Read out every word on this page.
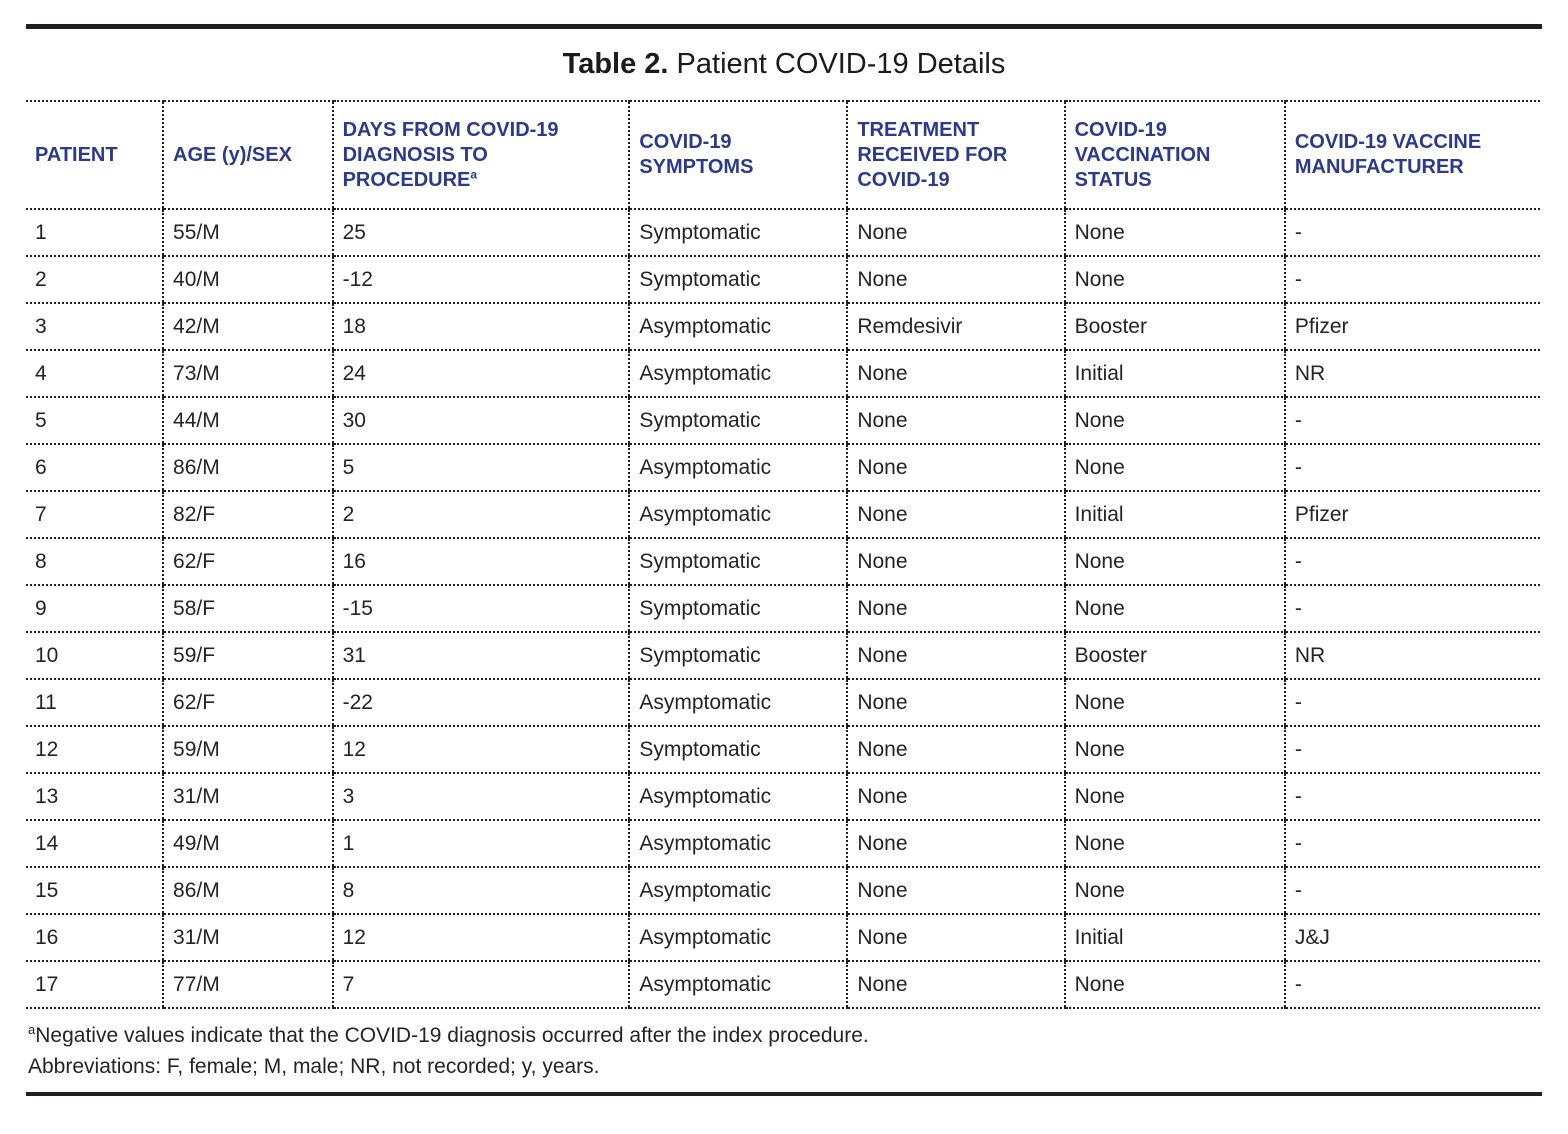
Table 2. Patient COVID-19 Details
PATIENT	AGE (y)/SEX	DAYS FROM COVID-19 DIAGNOSIS TO PROCEDURE$^a$	COVID-19 SYMPTOMS	TREATMENT RECEIVED FOR COVID-19	COVID-19 VACCINATION STATUS	COVID-19 VACCINE MANUFACTURER
1	55/M	25	Symptomatic	None	None	-
2	40/M	-12	Symptomatic	None	None	-
3	42/M	18	Asymptomatic	Remdesivir	Booster	Pfizer
4	73/M	24	Asymptomatic	None	Initial	NR
5	44/M	30	Symptomatic	None	None	-
6	86/M	5	Asymptomatic	None	None	-
7	82/F	2	Asymptomatic	None	Initial	Pfizer
8	62/F	16	Symptomatic	None	None	-
9	58/F	-15	Symptomatic	None	None	-
10	59/F	31	Symptomatic	None	Booster	NR
11	62/F	-22	Asymptomatic	None	None	-
12	59/M	12	Symptomatic	None	None	-
13	31/M	3	Asymptomatic	None	None	-
14	49/M	1	Asymptomatic	None	None	-
15	86/M	8	Asymptomatic	None	None	-
16	31/M	12	Asymptomatic	None	Initial	J&J
17	77/M	7	Asymptomatic	None	None	-
$^a$Negative values indicate that the COVID-19 diagnosis occurred after the index procedure.
Abbreviations: F, female; M, male; NR, not recorded; y, years.
